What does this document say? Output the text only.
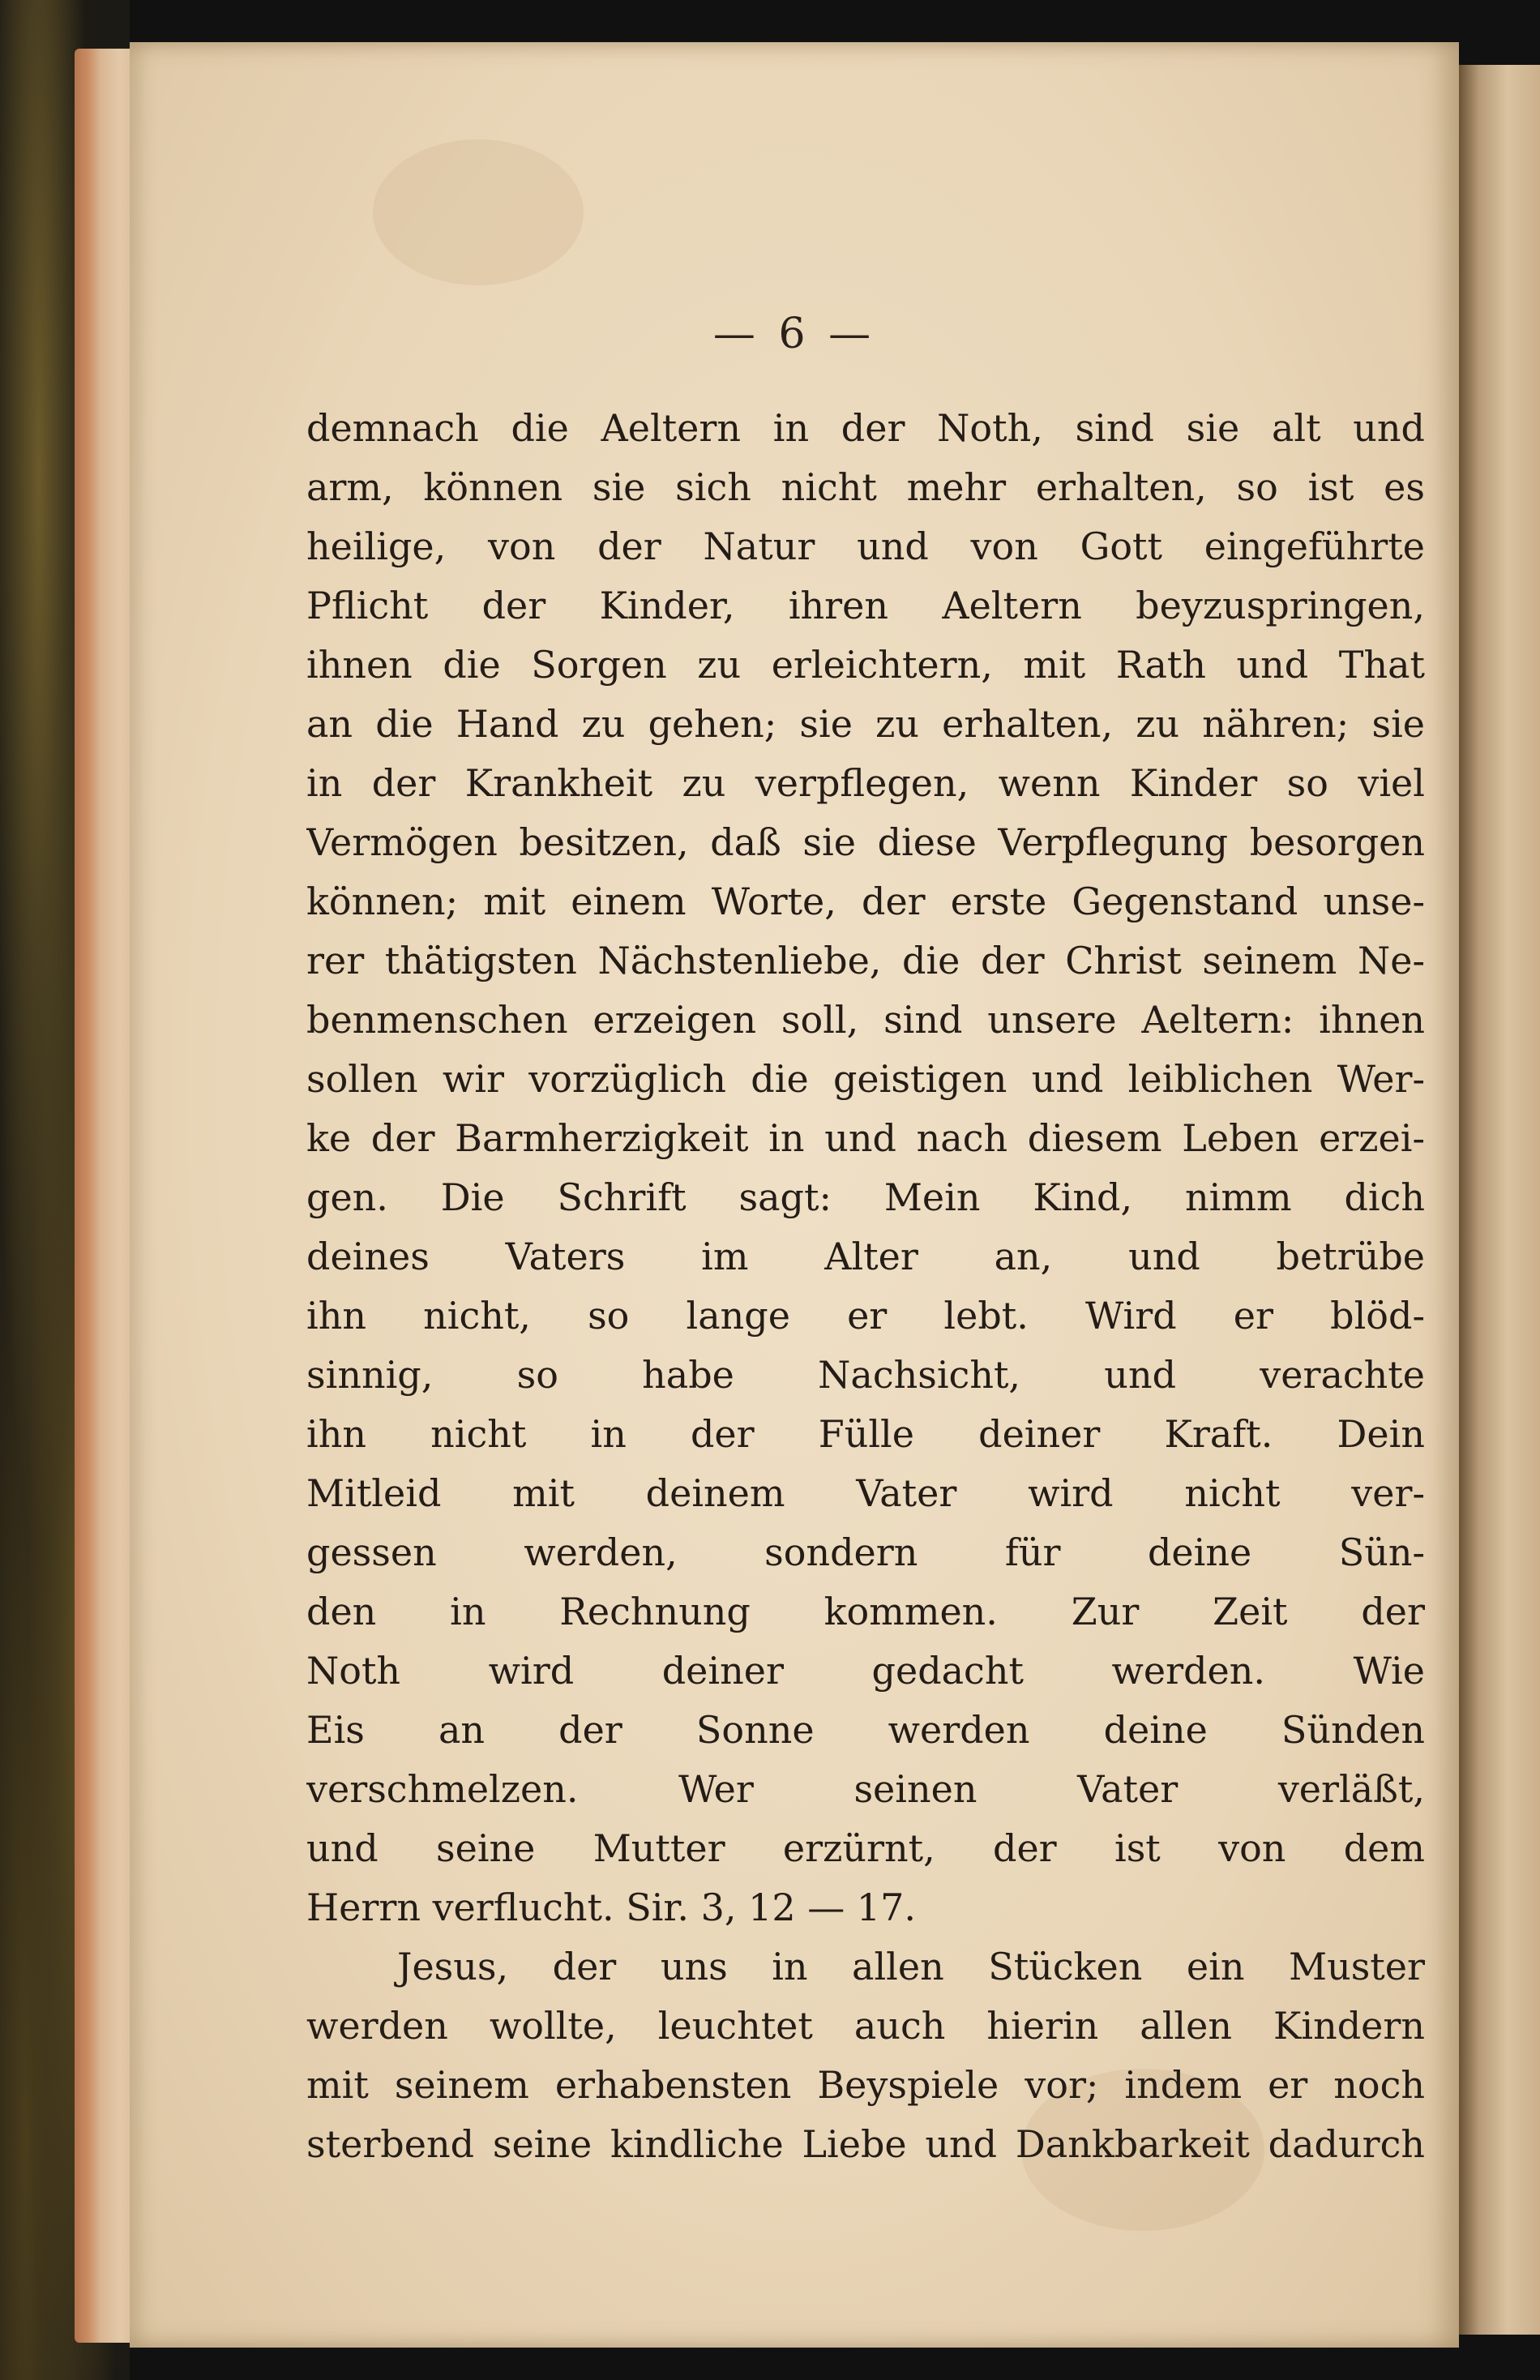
— 6 —
demnach die Aeltern in der Noth, sind sie alt und
arm, können sie sich nicht mehr erhalten, so ist es
heilige, von der Natur und von Gott eingeführte
Pflicht der Kinder, ihren Aeltern beyzuspringen,
ihnen die Sorgen zu erleichtern, mit Rath und That
an die Hand zu gehen; sie zu erhalten, zu nähren; sie
in der Krankheit zu verpflegen, wenn Kinder so viel
Vermögen besitzen, daß sie diese Verpflegung besorgen
können; mit einem Worte, der erste Gegenstand unse-
rer thätigsten Nächstenliebe, die der Christ seinem Ne-
benmenschen erzeigen soll, sind unsere Aeltern: ihnen
sollen wir vorzüglich die geistigen und leiblichen Wer-
ke der Barmherzigkeit in und nach diesem Leben erzei-
gen. Die Schrift sagt: Mein Kind, nimm dich
deines Vaters im Alter an, und betrübe
ihn nicht, so lange er lebt. Wird er blöd-
sinnig, so habe Nachsicht, und verachte
ihn nicht in der Fülle deiner Kraft. Dein
Mitleid mit deinem Vater wird nicht ver-
gessen werden, sondern für deine Sün-
den in Rechnung kommen. Zur Zeit der
Noth wird deiner gedacht werden. Wie
Eis an der Sonne werden deine Sünden
verschmelzen. Wer seinen Vater verläßt,
und seine Mutter erzürnt, der ist von dem
Herrn verflucht. Sir. 3, 12 — 17.
Jesus, der uns in allen Stücken ein Muster
werden wollte, leuchtet auch hierin allen Kindern
mit seinem erhabensten Beyspiele vor; indem er noch
sterbend seine kindliche Liebe und Dankbarkeit dadurch
